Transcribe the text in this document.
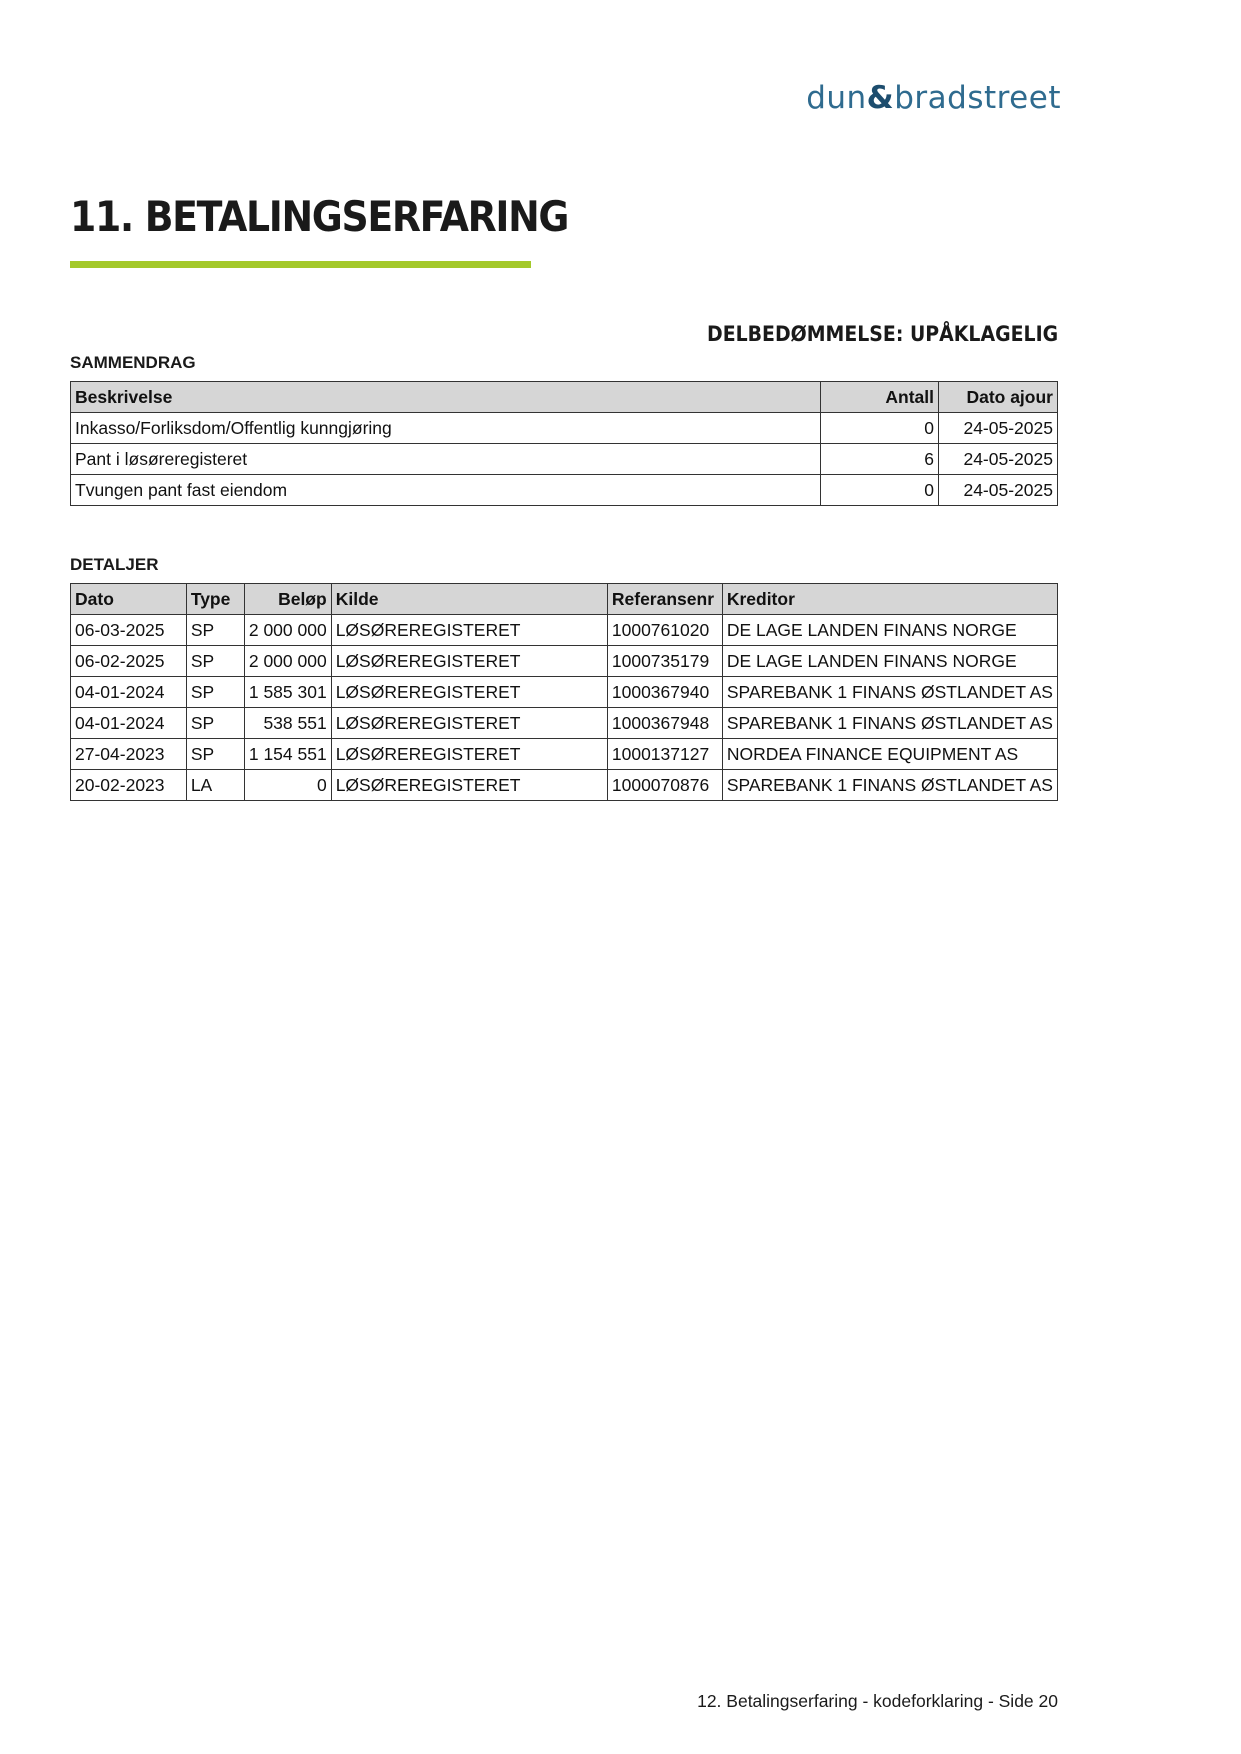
dun&bradstreet
11. BETALINGSERFARING
DELBEDØMMELSE: UPÅKLAGELIG
SAMMENDRAG
Beskrivelse	Antall	Dato ajour
Inkasso/Forliksdom/Offentlig kunngjøring	0	24-05-2025
Pant i løsøreregisteret	6	24-05-2025
Tvungen pant fast eiendom	0	24-05-2025
DETALJER
Dato	Type	Beløp	Kilde	Referansenr	Kreditor
06-03-2025	SP	2 000 000	LØSØREREGISTERET	1000761020	DE LAGE LANDEN FINANS NORGE
06-02-2025	SP	2 000 000	LØSØREREGISTERET	1000735179	DE LAGE LANDEN FINANS NORGE
04-01-2024	SP	1 585 301	LØSØREREGISTERET	1000367940	SPAREBANK 1 FINANS ØSTLANDET AS
04-01-2024	SP	538 551	LØSØREREGISTERET	1000367948	SPAREBANK 1 FINANS ØSTLANDET AS
27-04-2023	SP	1 154 551	LØSØREREGISTERET	1000137127	NORDEA FINANCE EQUIPMENT AS
20-02-2023	LA	0	LØSØREREGISTERET	1000070876	SPAREBANK 1 FINANS ØSTLANDET AS
12. Betalingserfaring - kodeforklaring - Side 20
